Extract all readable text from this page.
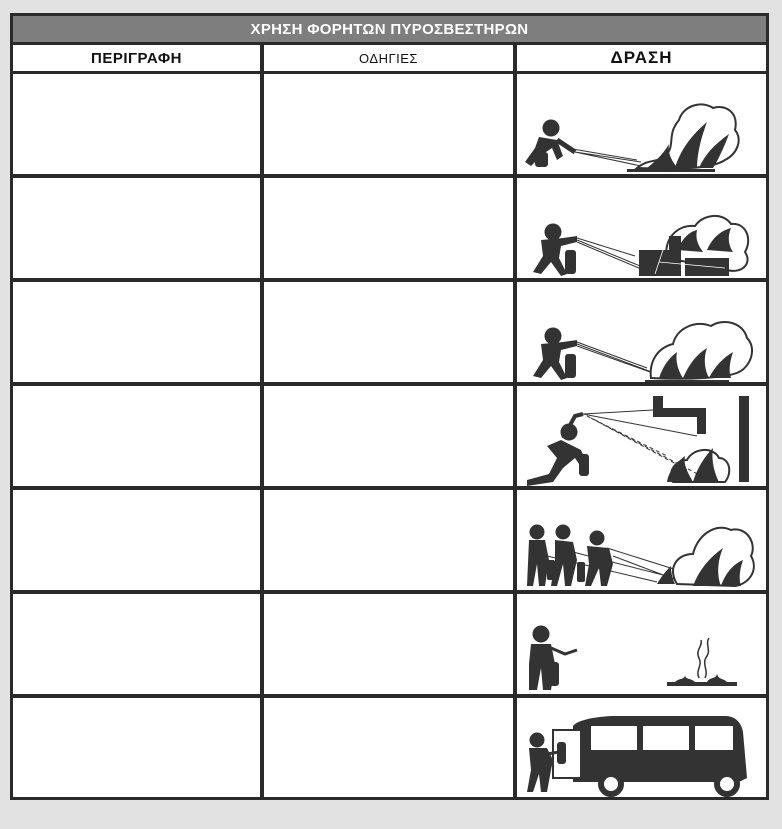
ΧΡΗΣΗ ΦΟΡΗΤΩΝ ΠΥΡΟΣΒΕΣΤΗΡΩΝ
ΠΕΡΙΓΡΑΦΗ	ΟΔΗΓΙΕΣ	ΔΡΑΣΗ
